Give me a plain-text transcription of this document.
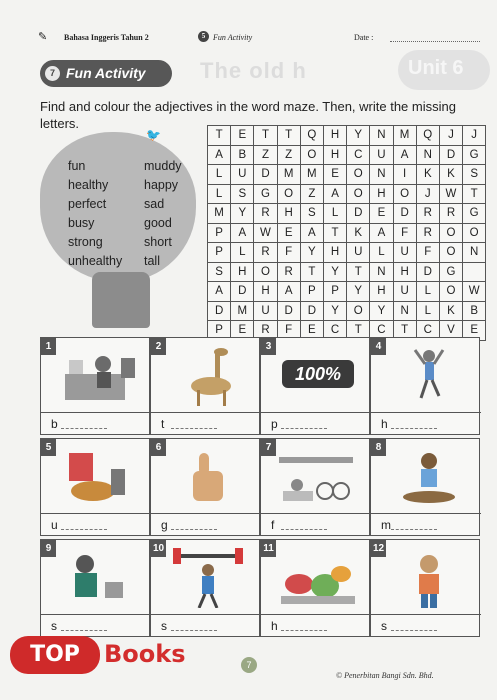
✎ Bahasa Inggeris Tahun 2	5 Fun Activity	Date :
The old h	Unit 6
7 Fun Activity
Find and colour the adjectives in the word maze. Then, write the missing letters.
🐦
fun
healthy
perfect
busy
strong
unhealthy
muddy
happy
sad
good
short
tall
T	E	T	T	Q	H	Y	N	M	Q	J	J
A	B	Z	Z	O	H	C	U	A	N	D	G
L	U	D	M	M	E	O	N	I	K	K	S
L	S	G	O	Z	A	O	H	O	J	W	T
M	Y	R	H	S	L	D	E	D	R	R	G
P	A	W	E	A	T	K	A	F	R	O	O
P	L	R	F	Y	H	U	L	U	F	O	N
S	H	O	R	T	Y	T	N	H	D	G	
A	D	H	A	P	P	Y	H	U	L	O	W
D	M	U	D	D	Y	O	Y	N	L	K	B
P	E	R	F	E	C	T	C	T	C	V	E
1
b
2
t
3
100%
p
4
h
5
u
6
g
7
f
8
m
9
s
10
s
11
h
12
s
7
© Penerbitan Bangi Sdn. Bhd.
TOP	Books
